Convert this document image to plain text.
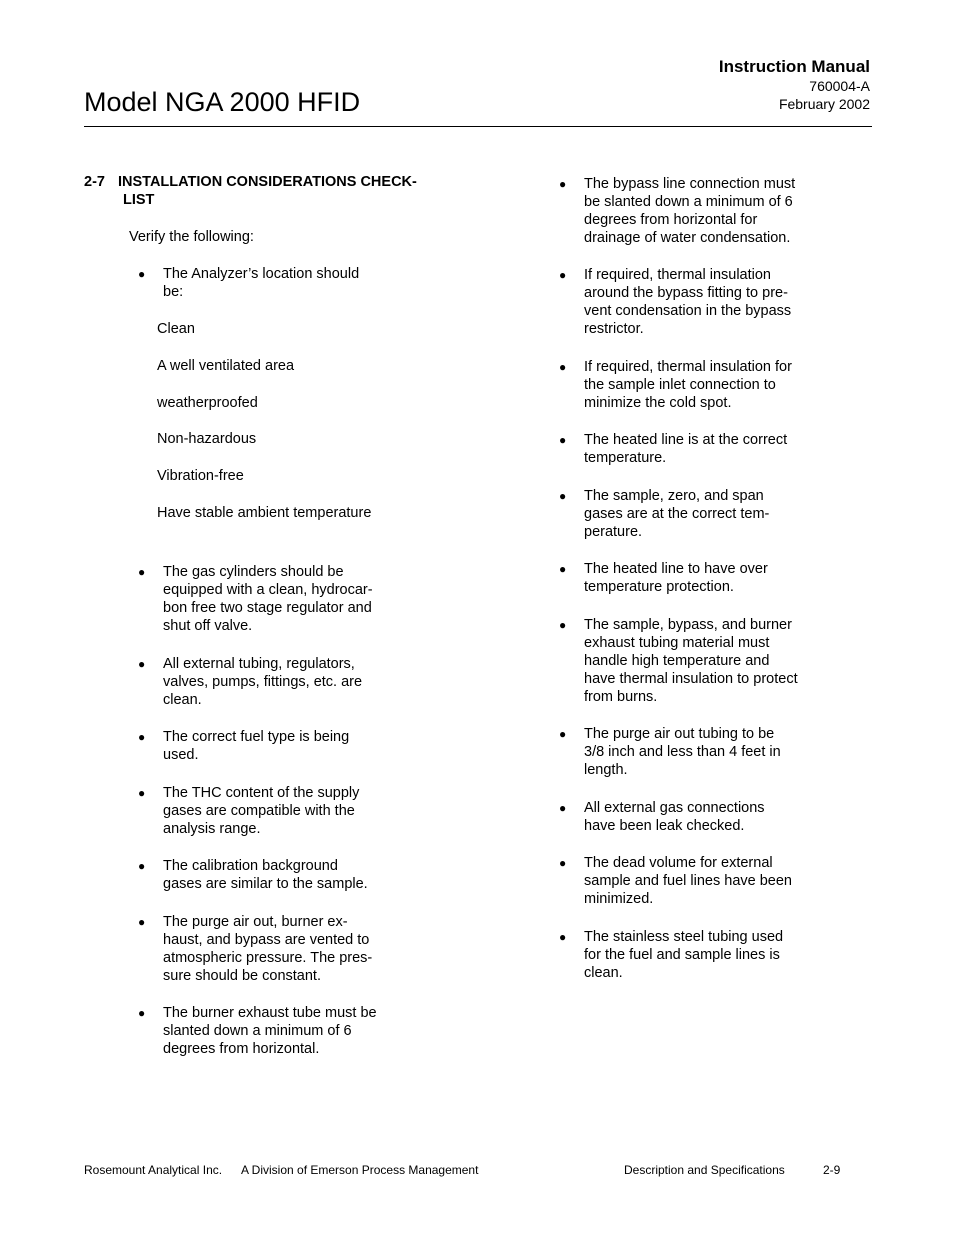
Model NGA 2000 HFID
Instruction Manual
760004-A
February 2002
2-7 INSTALLATION CONSIDERATIONS CHECK-
LIST
Verify the following:
● The Analyzer’s location should
be:
Clean
A well ventilated area
weatherproofed
Non-hazardous
Vibration-free
Have stable ambient temperature
● The gas cylinders should be
equipped with a clean, hydrocar-
bon free two stage regulator and
shut off valve.
● All external tubing, regulators,
valves, pumps, fittings, etc. are
clean.
● The correct fuel type is being
used.
● The THC content of the supply
gases are compatible with the
analysis range.
● The calibration background
gases are similar to the sample.
● The purge air out, burner ex-
haust, and bypass are vented to
atmospheric pressure. The pres-
sure should be constant.
● The burner exhaust tube must be
slanted down a minimum of 6
degrees from horizontal.
● The bypass line connection must
be slanted down a minimum of 6
degrees from horizontal for
drainage of water condensation.
● If required, thermal insulation
around the bypass fitting to pre-
vent condensation in the bypass
restrictor.
● If required, thermal insulation for
the sample inlet connection to
minimize the cold spot.
● The heated line is at the correct
temperature.
● The sample, zero, and span
gases are at the correct tem-
perature.
● The heated line to have over
temperature protection.
● The sample, bypass, and burner
exhaust tubing material must
handle high temperature and
have thermal insulation to protect
from burns.
● The purge air out tubing to be
3/8 inch and less than 4 feet in
length.
● All external gas connections
have been leak checked.
● The dead volume for external
sample and fuel lines have been
minimized.
● The stainless steel tubing used
for the fuel and sample lines is
clean.
Rosemount Analytical Inc. A Division of Emerson Process Management	Description and Specifications	2-9
